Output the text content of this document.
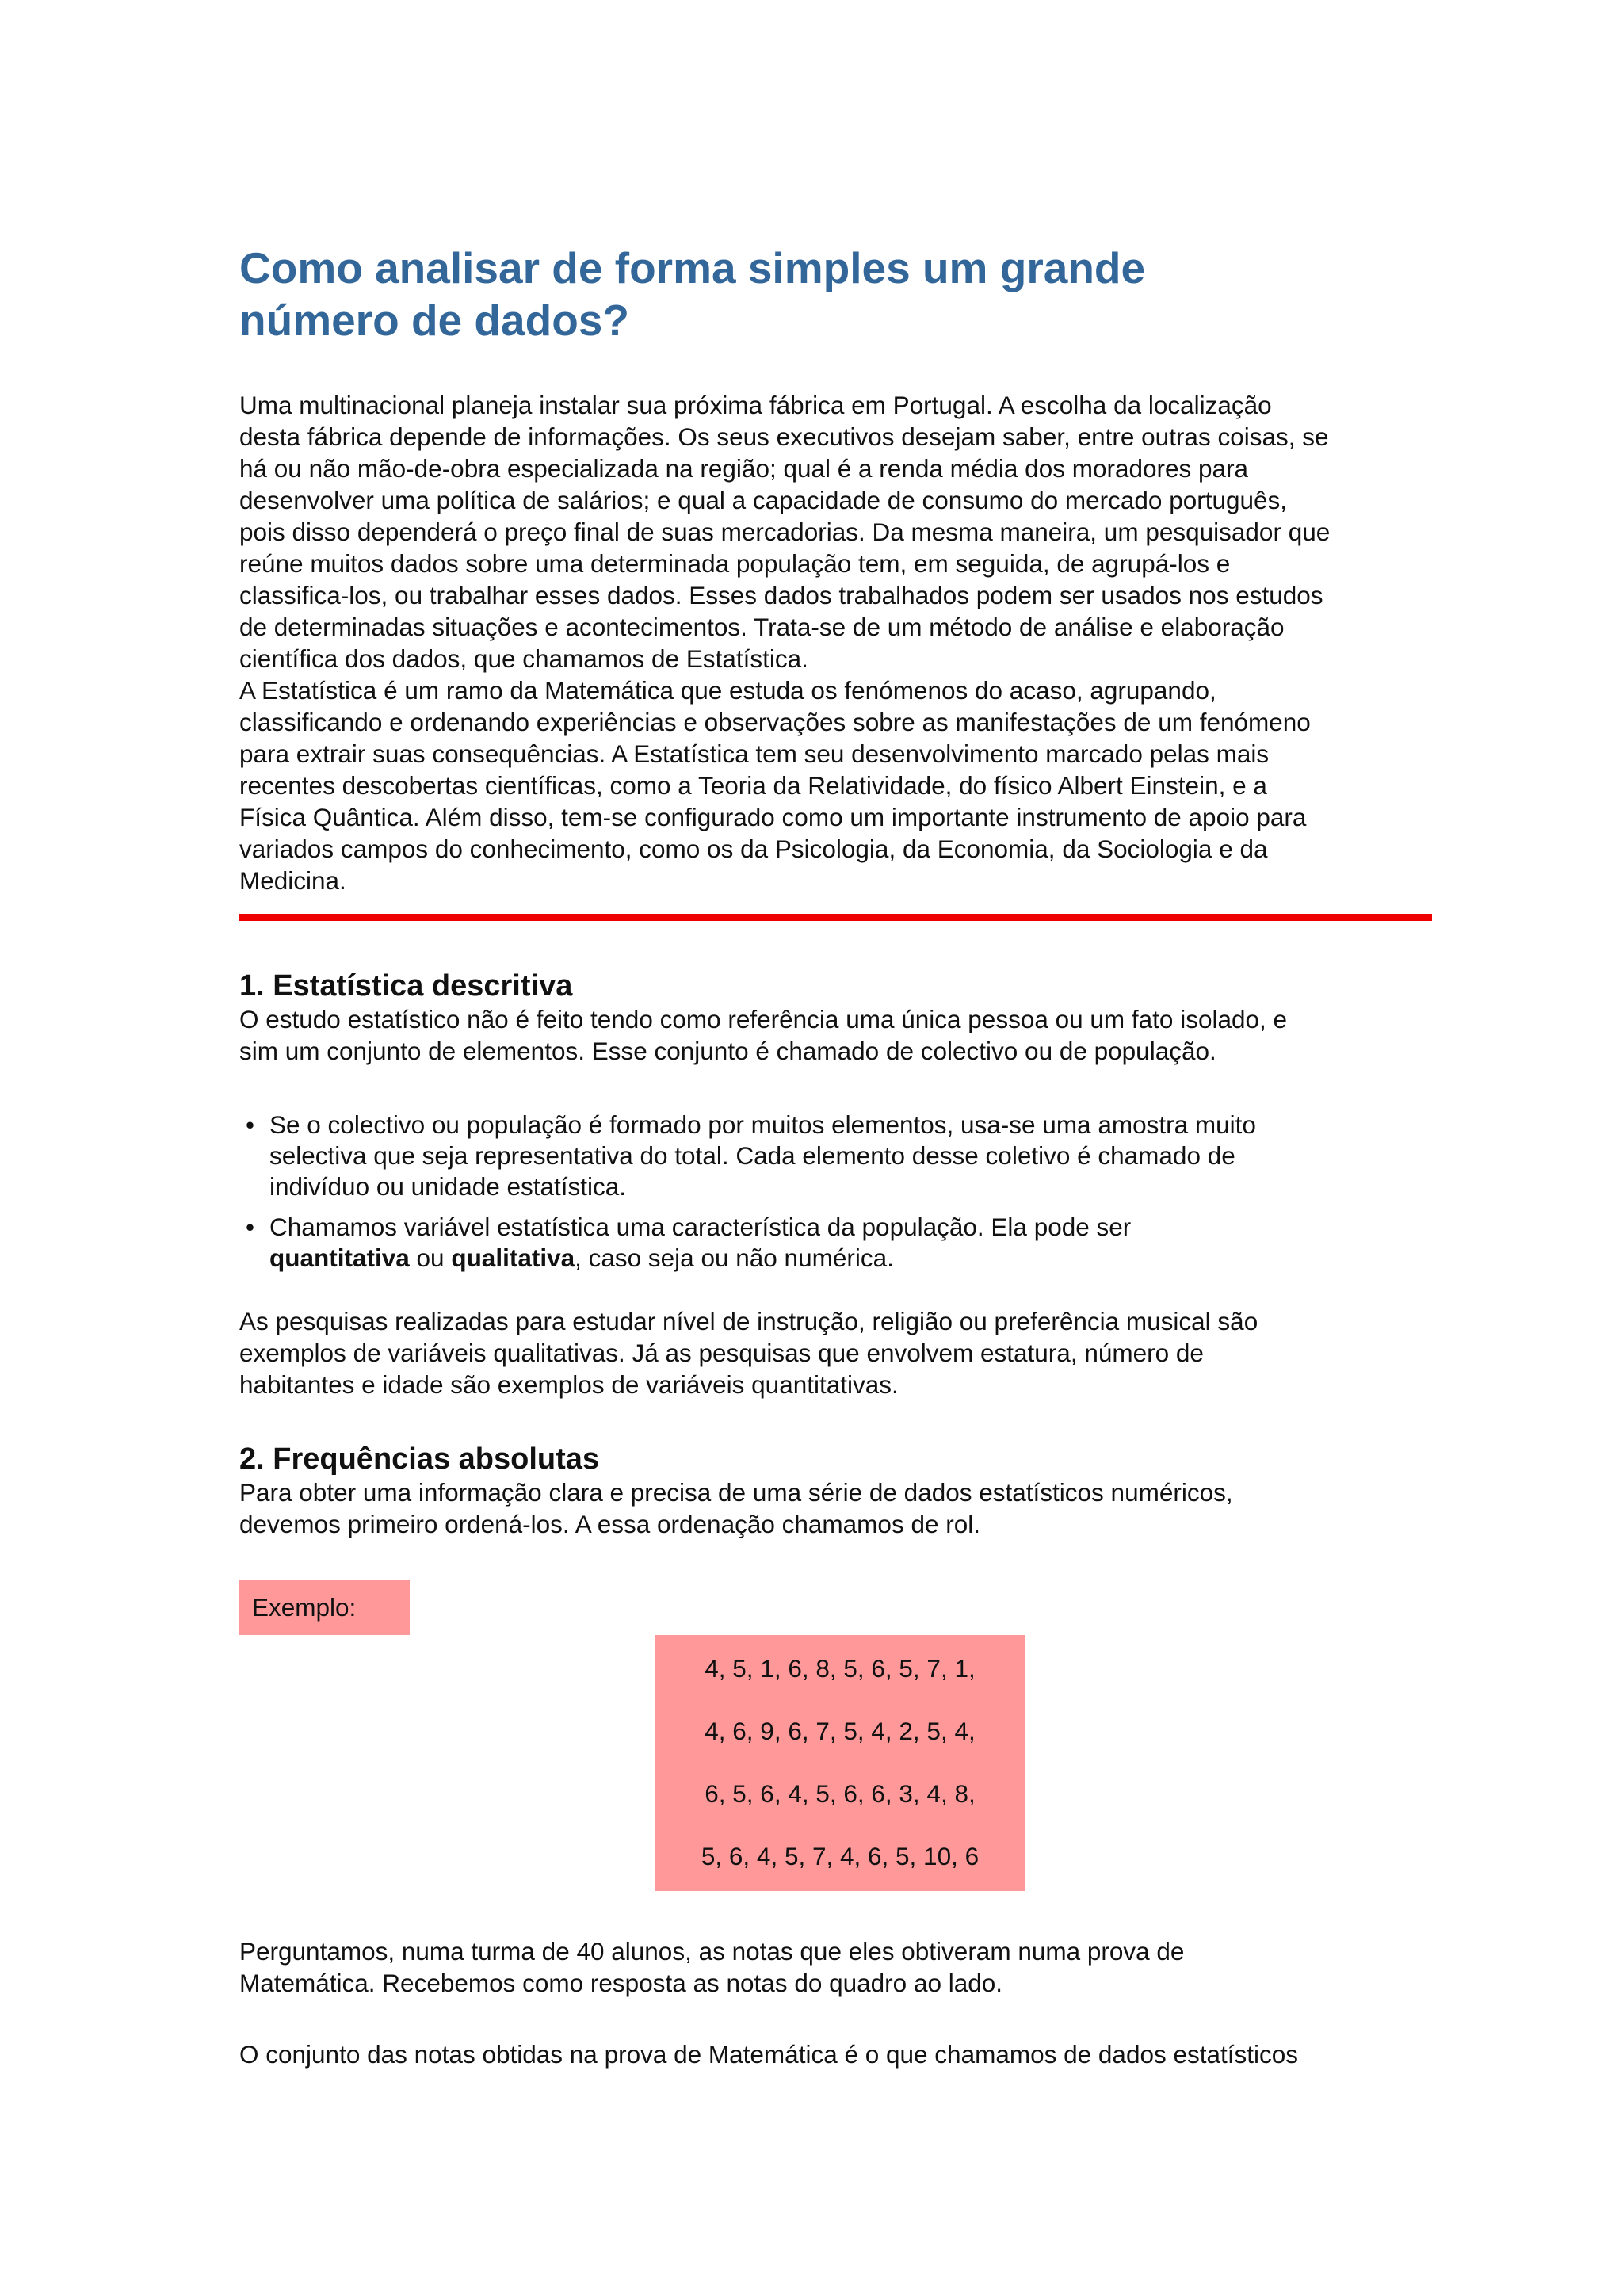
Como analisar de forma simples um grande
número de dados?
Uma multinacional planeja instalar sua próxima fábrica em Portugal. A escolha da localização
desta fábrica depende de informações. Os seus executivos desejam saber, entre outras coisas, se
há ou não mão-de-obra especializada na região; qual é a renda média dos moradores para
desenvolver uma política de salários; e qual a capacidade de consumo do mercado português,
pois disso dependerá o preço final de suas mercadorias. Da mesma maneira, um pesquisador que
reúne muitos dados sobre uma determinada população tem, em seguida, de agrupá-los e
classifica-los, ou trabalhar esses dados. Esses dados trabalhados podem ser usados nos estudos
de determinadas situações e acontecimentos. Trata-se de um método de análise e elaboração
científica dos dados, que chamamos de Estatística.
A Estatística é um ramo da Matemática que estuda os fenómenos do acaso, agrupando,
classificando e ordenando experiências e observações sobre as manifestações de um fenómeno
para extrair suas consequências. A Estatística tem seu desenvolvimento marcado pelas mais
recentes descobertas científicas, como a Teoria da Relatividade, do físico Albert Einstein, e a
Física Quântica. Além disso, tem-se configurado como um importante instrumento de apoio para
variados campos do conhecimento, como os da Psicologia, da Economia, da Sociologia e da
Medicina.
1. Estatística descritiva
O estudo estatístico não é feito tendo como referência uma única pessoa ou um fato isolado, e
sim um conjunto de elementos. Esse conjunto é chamado de colectivo ou de população.
• Se o colectivo ou população é formado por muitos elementos, usa-se uma amostra muito
selectiva que seja representativa do total. Cada elemento desse coletivo é chamado de
indivíduo ou unidade estatística.
• Chamamos variável estatística uma característica da população. Ela pode ser
quantitativa ou qualitativa, caso seja ou não numérica.
As pesquisas realizadas para estudar nível de instrução, religião ou preferência musical são
exemplos de variáveis qualitativas. Já as pesquisas que envolvem estatura, número de
habitantes e idade são exemplos de variáveis quantitativas.
2. Frequências absolutas
Para obter uma informação clara e precisa de uma série de dados estatísticos numéricos,
devemos primeiro ordená-los. A essa ordenação chamamos de rol.
Exemplo:
4, 5, 1, 6, 8, 5, 6, 5, 7, 1,
4, 6, 9, 6, 7, 5, 4, 2, 5, 4,
6, 5, 6, 4, 5, 6, 6, 3, 4, 8,
5, 6, 4, 5, 7, 4, 6, 5, 10, 6
Perguntamos, numa turma de 40 alunos, as notas que eles obtiveram numa prova de
Matemática. Recebemos como resposta as notas do quadro ao lado.
O conjunto das notas obtidas na prova de Matemática é o que chamamos de dados estatísticos
